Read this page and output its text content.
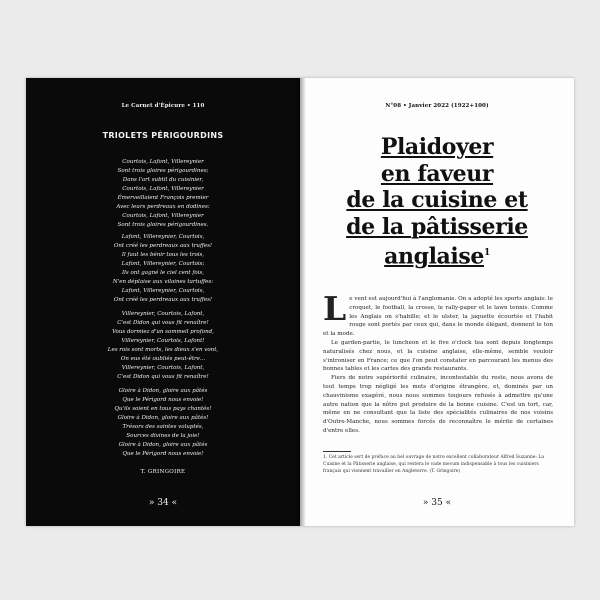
Le Carnet d'Épicure • 110
TRIOLETS PÉRIGOURDINS
Courtois, Lafont, Villereynier
Sont trois gloires périgourdines;
Dans l'art subtil du cuisinier,
Courtois, Lafont, Villereynier
Émerveillaient François premier
Avec leurs perdreaux en dodines:
Courtois, Lafont, Villereynier
Sont trois gloires périgourdines.
Lafont, Villereynier, Courtois,
Ont créé les perdreaux aux truffes!
Il faut les bénir tous les trois,
Lafont, Villereynier, Courtois;
Ils ont gagné le ciel cent fois,
N'en déplaise aux vilaines tartuffes:
Lafont, Villereynier, Courtois,
Ont créé les perdreaux aux truffes!
Villereynier, Courtois, Lafont,
C'est Didon qui vous fit renaître!
Vous dormiez d'un sommeil profond,
Villereynier, Courtois, Lafont!
Les rois sont morts, les dieux s'en vont,
On eus été oubliés peut-être...
Villereynier, Courtois, Lafont,
C'est Didon qui vous fit renaître!
Gloire à Didon, gloire aux pâtés
Que le Périgord nous envoie!
Qu'ils soient en tous pays chantés!
Gloire à Didon, gloire aux pâtés!
Trésors des saintes voluptés,
Sources divines de la joie!
Gloire à Didon, gloire aux pâtés
Que le Périgord nous envoie!
T. GRINGOIRE
» 34 «
N°08 • Janvier 2022 (1922+100)
Plaidoyer
en faveur
de la cuisine et
de la pâtisserie
anglaise$^1$

Le vent est aujourd'hui à l'anglomanie. On a adopté les sports anglais: le croquet, le football, la crosse, le rally-paper et le lawn tennis. Comme les Anglais on s'habille; et le ulster, la jaquette écourtée et l'habit rouge sont portés par ceux qui, dans le monde élégant, donnent le ton et la mode.

Le garden-partie, le luncheon et le five o'clock tea sont depuis longtemps naturalisés chez nous, et la cuisine anglaise, elle-même, semble vouloir s'introniser en France; ce que l'on peut constater en parcourant les menus des bonnes tables et les cartes des grands restaurants.

Fiers de notre supériorité culinaire, incontestable du reste, nous avons de tout temps trop négligé les mets d'origine étrangère, et, dominés par un chauvinisme exagéré, nous nous sommes toujours refusés à admettre qu'une autre nation que la nôtre put produire de la bonne cuisine. C'est un tort, car, même en ne consultant que la liste des spécialités culinaires de nos voisins d'Outre-Manche, nous sommes forcés de reconnaître le mérite de certaines d'entre elles.

1. Cet article sert de préface au bel ouvrage de notre excellent collaborateur Alfred Suzanne: La Cuisine et la Pâtisserie anglaise, qui restera le vade mecum indispensable à tous les cuisiniers français qui viennent travailler en Angleterre. (T. Gringoire)
» 35 «
